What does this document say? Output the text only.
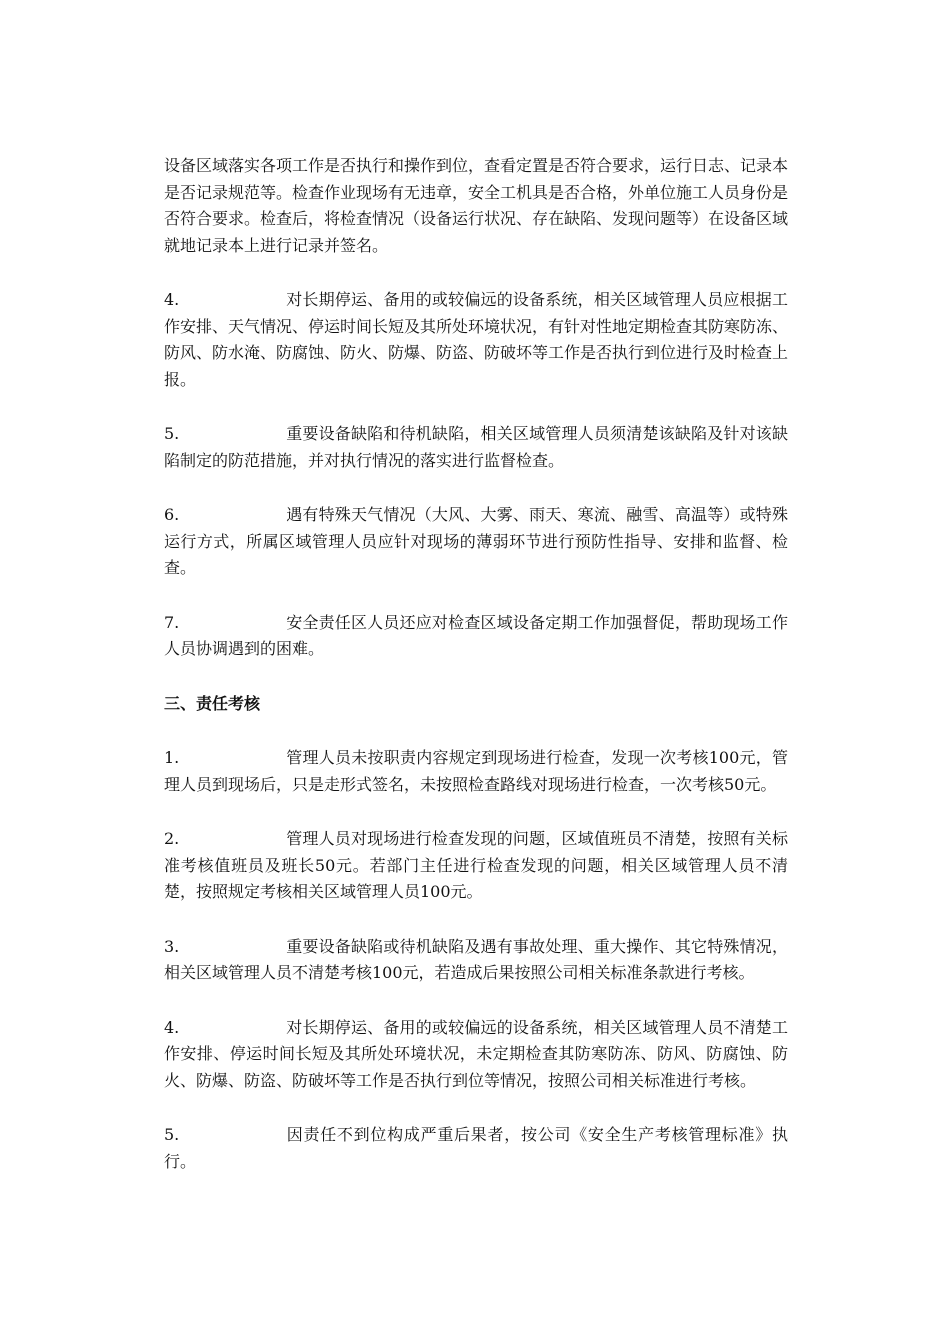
设备区域落实各项工作是否执行和操作到位，查看定置是否符合要求，运行日志、记录本是否记录规范等。检查作业现场有无违章，安全工机具是否合格，外单位施工人员身份是否符合要求。检查后，将检查情况（设备运行状况、存在缺陷、发现问题等）在设备区域就地记录本上进行记录并签名。

4.	对长期停运、备用的或较偏远的设备系统，相关区域管理人员应根据工作安排、天气情况、停运时间长短及其所处环境状况，有针对性地定期检查其防寒防冻、防风、防水淹、防腐蚀、防火、防爆、防盗、防破坏等工作是否执行到位进行及时检查上报。
5.	重要设备缺陷和待机缺陷，相关区域管理人员须清楚该缺陷及针对该缺陷制定的防范措施，并对执行情况的落实进行监督检查。
6.	遇有特殊天气情况（大风、大雾、雨天、寒流、融雪、高温等）或特殊运行方式，所属区域管理人员应针对现场的薄弱环节进行预防性指导、安排和监督、检查。
7.	安全责任区人员还应对检查区域设备定期工作加强督促，帮助现场工作人员协调遇到的困难。
三、责任考核
1.	管理人员未按职责内容规定到现场进行检查，发现一次考核100元，管理人员到现场后，只是走形式签名，未按照检查路线对现场进行检查，一次考核50元。
2.	管理人员对现场进行检查发现的问题，区域值班员不清楚，按照有关标准考核值班员及班长50元。若部门主任进行检查发现的问题，相关区域管理人员不清楚，按照规定考核相关区域管理人员100元。
3.	重要设备缺陷或待机缺陷及遇有事故处理、重大操作、其它特殊情况，相关区域管理人员不清楚考核100元，若造成后果按照公司相关标准条款进行考核。
4.	对长期停运、备用的或较偏远的设备系统，相关区域管理人员不清楚工作安排、停运时间长短及其所处环境状况，未定期检查其防寒防冻、防风、防腐蚀、防火、防爆、防盗、防破坏等工作是否执行到位等情况，按照公司相关标准进行考核。
5.	因责任不到位构成严重后果者，按公司《安全生产考核管理标准》执行。
